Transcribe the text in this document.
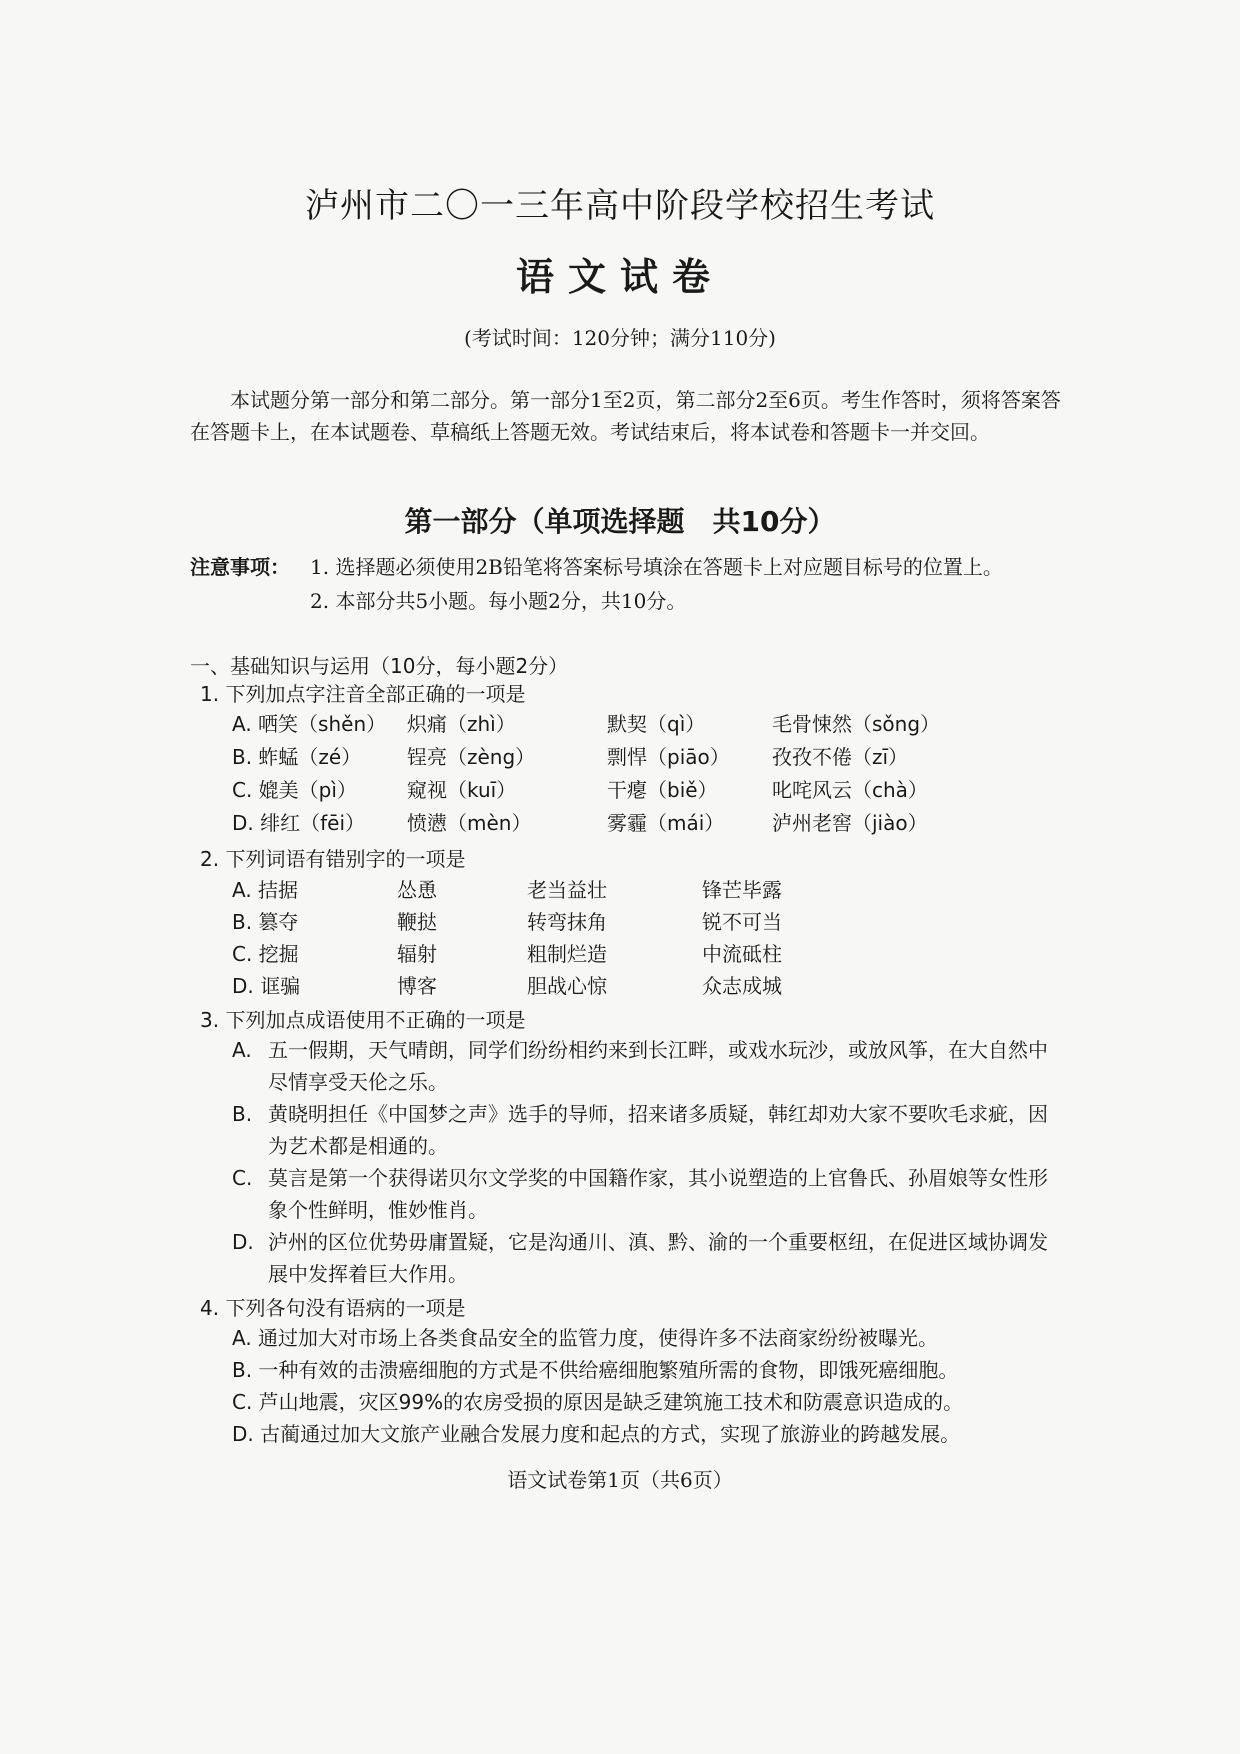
泸州市二〇一三年高中阶段学校招生考试
语文试卷
(考试时间：120分钟；满分110分)
本试题分第一部分和第二部分。第一部分1至2页，第二部分2至6页。考生作答时，须将答案答在答题卡上，在本试题卷、草稿纸上答题无效。考试结束后，将本试卷和答题卡一并交回。
第一部分（单项选择题　共10分）
注意事项： 1. 选择题必须使用2B铅笔将答案标号填涂在答题卡上对应题目标号的位置上。
2. 本部分共5小题。每小题2分，共10分。
一、基础知识与运用（10分，每小题2分）
1. 下列加点字注音全部正确的一项是
A. 哂笑（shěn） 炽痛（zhì）	默契（qì）	毛骨悚然（sǒng）
B. 蚱蜢（zé） 锃亮（zèng）	剽悍（piāo） 孜孜不倦（zī）
C. 媲美（pì）	窥视（kuī）	干瘪（biě）	叱咤风云（chà）
D. 绯红（fēi） 愤懑（mèn）	雾霾（mái） 泸州老窖（jiào）
2. 下列词语有错别字的一项是
A. 拮据	怂恿	老当益壮	锋芒毕露
B. 篡夺	鞭挞	转弯抹角	锐不可当
C. 挖掘	辐射	粗制烂造	中流砥柱
D. 诓骗	博客	胆战心惊	众志成城
3. 下列加点成语使用不正确的一项是
A. 五一假期，天气晴朗，同学们纷纷相约来到长江畔，或戏水玩沙，或放风筝，在大自然中尽情享受天伦之乐。
B. 黄晓明担任《中国梦之声》选手的导师，招来诸多质疑，韩红却劝大家不要吹毛求疵，因为艺术都是相通的。
C. 莫言是第一个获得诺贝尔文学奖的中国籍作家，其小说塑造的上官鲁氏、孙眉娘等女性形象个性鲜明，惟妙惟肖。
D. 泸州的区位优势毋庸置疑，它是沟通川、滇、黔、渝的一个重要枢纽，在促进区域协调发展中发挥着巨大作用。
4. 下列各句没有语病的一项是
A. 通过加大对市场上各类食品安全的监管力度，使得许多不法商家纷纷被曝光。
B. 一种有效的击溃癌细胞的方式是不供给癌细胞繁殖所需的食物，即饿死癌细胞。
C. 芦山地震，灾区99%的农房受损的原因是缺乏建筑施工技术和防震意识造成的。
D. 古蔺通过加大文旅产业融合发展力度和起点的方式，实现了旅游业的跨越发展。
语文试卷第1页（共6页）
